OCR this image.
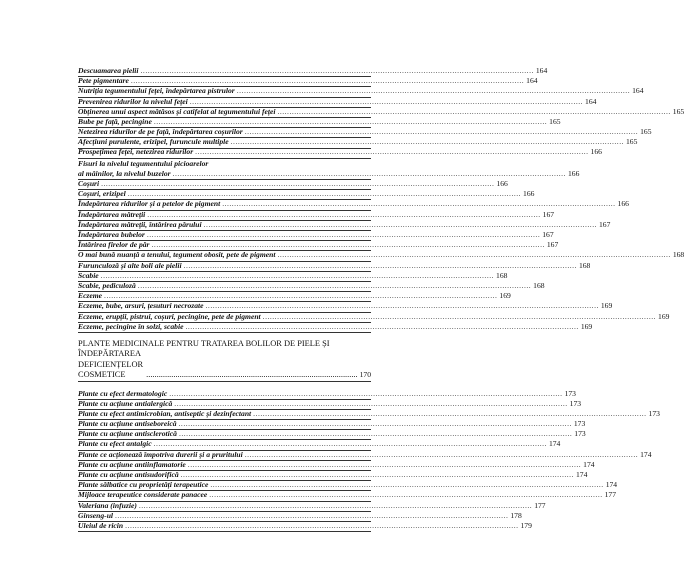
Descuamarea pielii .....	164
Pete pigmentare .....	164
Nutriția tegumentului feței, îndepărtarea pistrulor .....	164
Prevenirea ridurilor la nivelul feței .....	164
Obținerea unui aspect mătăsos și catifelat al tegumentului feței .....	165
Bube pe față, pecingine .....	165
Netezirea ridurilor de pe față, îndepărtarea coșurilor .....	165
Afecțiuni purulente, erizipel, furuncule multiple .....	165
Prospețimea feței, netezirea ridurilor .....	166
Fisuri la nivelul tegumentului picioarelor
al mâinilor, la nivelul buzelor .....	166
Coșuri .....	166
Coșuri, erizipel .....	166
Îndepărtarea ridurilor și a petelor de pigment .....	166
Îndepărtarea mătreții .....	167
Îndepărtarea mătreții, întărirea părului .....	167
Îndepărtarea bubelor .....	167
Întărirea firelor de păr .....	167
O mai bună nuanță a tenului, tegument obosit, pete de pigment .....	168
Furunculoză și alte boli ale pielii .....	168
Scabie .....	168
Scabie, pediculoză .....	168
Eczeme .....	169
Eczeme, bube, arsuri, țesuturi necrozate .....	169
Eczeme, erupții, pistrui, coșuri, pecingine, pete de pigment .....	169
Eczeme, pecingine în solzi, scabie .....	169
PLANTE MEDICINALE PENTRU TRATAREA BOLILOR DE PIELE ȘI
ÎNDEPĂRTAREA DEFICIENȚELOR COSMETICE .....	170
Plante cu efect dermatologic .....	173
Plante cu acțiune antialergică .....	173
Plante cu efect antimicrobian, antiseptic și dezinfectant .....	173
Plante cu acțiune antiseboreică .....	173
Plante cu acțiune antisclerotică .....	173
Plante cu efect antalgic .....	174
Plante ce acționează împotriva durerii și a pruritului .....	174
Plante cu acțiune antiinflamatorie .....	174
Plante cu acțiune antisudorifică .....	174
Plante sălbatice cu proprietăți terapeutice .....	174
Mijloace terapeutice considerate panacee .....	177
Valeriana (infuzie) .....	177
Ginseng-ul .....	178
Uleiul de ricin .....	179
